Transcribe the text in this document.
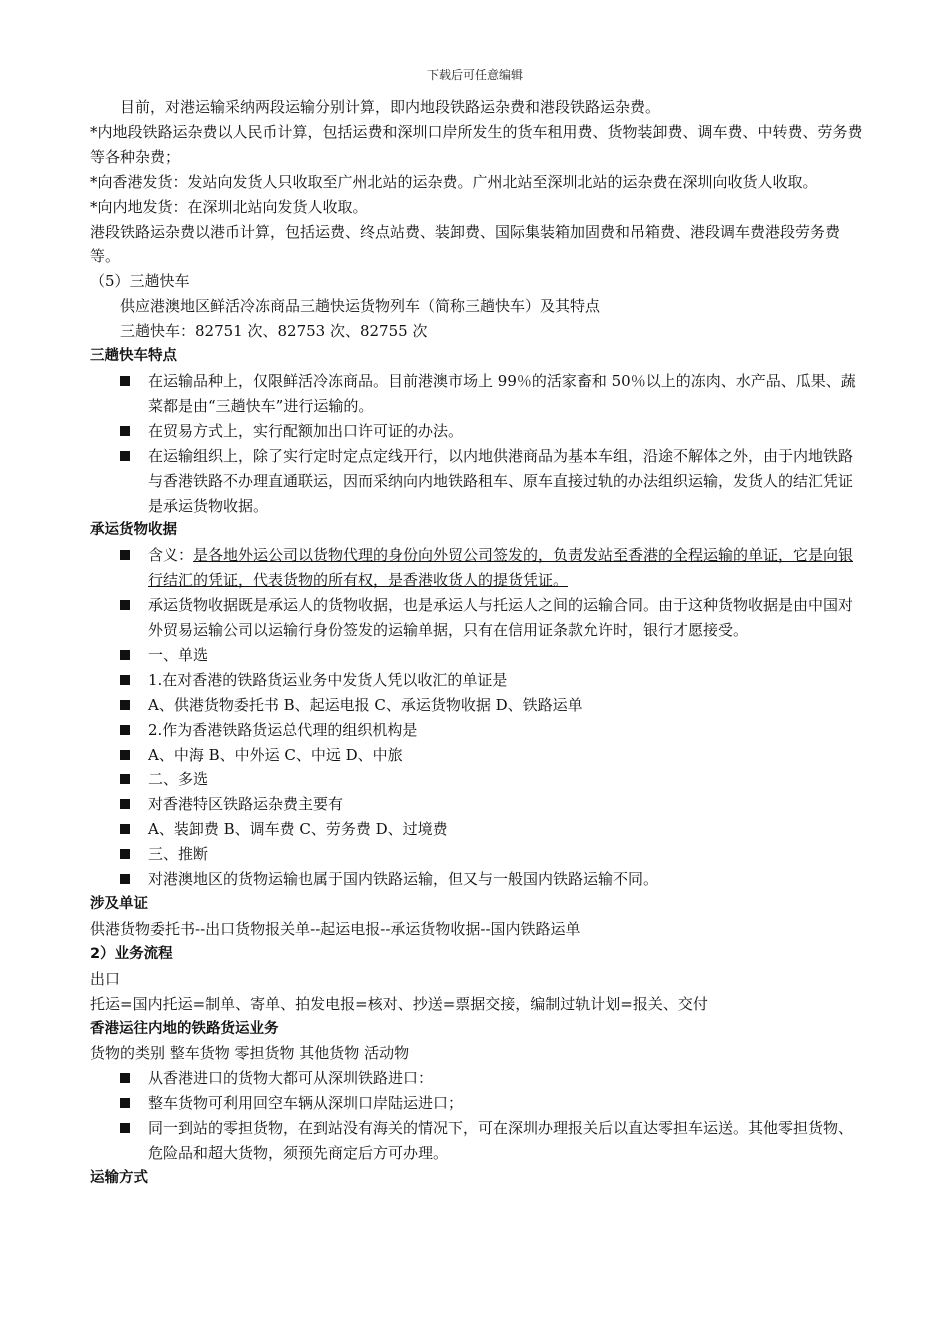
下载后可任意编辑

目前，对港运输采纳两段运输分别计算，即内地段铁路运杂费和港段铁路运杂费。

*内地段铁路运杂费以人民币计算，包括运费和深圳口岸所发生的货车租用费、货物装卸费、调车费、中转费、劳务费等各种杂费；

*向香港发货：发站向发货人只收取至广州北站的运杂费。广州北站至深圳北站的运杂费在深圳向收货人收取。

*向内地发货：在深圳北站向发货人收取。

港段铁路运杂费以港币计算，包括运费、终点站费、装卸费、国际集装箱加固费和吊箱费、港段调车费港段劳务费等。

（5）三趟快车

供应港澳地区鲜活冷冻商品三趟快运货物列车（简称三趟快车）及其特点

三趟快车：82751 次、82753 次、82755 次

三趟快车特点

在运输品种上，仅限鲜活冷冻商品。目前港澳市场上 99％的活家畜和 50％以上的冻肉、水产品、瓜果、蔬菜都是由“三趟快车”进行运输的。
在贸易方式上，实行配额加出口许可证的办法。
在运输组织上，除了实行定时定点定线开行，以内地供港商品为基本车组，沿途不解体之外，由于内地铁路与香港铁路不办理直通联运，因而采纳向内地铁路租车、原车直接过轨的办法组织运输，发货人的结汇凭证是承运货物收据。

承运货物收据

含义：是各地外运公司以货物代理的身份向外贸公司签发的，负责发站至香港的全程运输的单证，它是向银行结汇的凭证，代表货物的所有权，是香港收货人的提货凭证。
承运货物收据既是承运人的货物收据，也是承运人与托运人之间的运输合同。由于这种货物收据是由中国对外贸易运输公司以运输行身份签发的运输单据，只有在信用证条款允许时，银行才愿接受。
一、单选
1.在对香港的铁路货运业务中发货人凭以收汇的单证是
A、供港货物委托书 B、起运电报 C、承运货物收据 D、铁路运单
2.作为香港铁路货运总代理的组织机构是
A、中海 B、中外运 C、中远 D、中旅
二、多选
对香港特区铁路运杂费主要有
A、装卸费 B、调车费 C、劳务费 D、过境费
三、推断
对港澳地区的货物运输也属于国内铁路运输，但又与一般国内铁路运输不同。

涉及单证

供港货物委托书--出口货物报关单--起运电报--承运货物收据--国内铁路运单

2）业务流程

出口

托运=国内托运=制单、寄单、拍发电报=核对、抄送=票据交接，编制过轨计划=报关、交付

香港运往内地的铁路货运业务

货物的类别 整车货物 零担货物 其他货物 活动物

从香港进口的货物大都可从深圳铁路进口：
整车货物可利用回空车辆从深圳口岸陆运进口；
同一到站的零担货物，在到站没有海关的情况下，可在深圳办理报关后以直达零担车运送。其他零担货物、危险品和超大货物，须预先商定后方可办理。

运输方式
